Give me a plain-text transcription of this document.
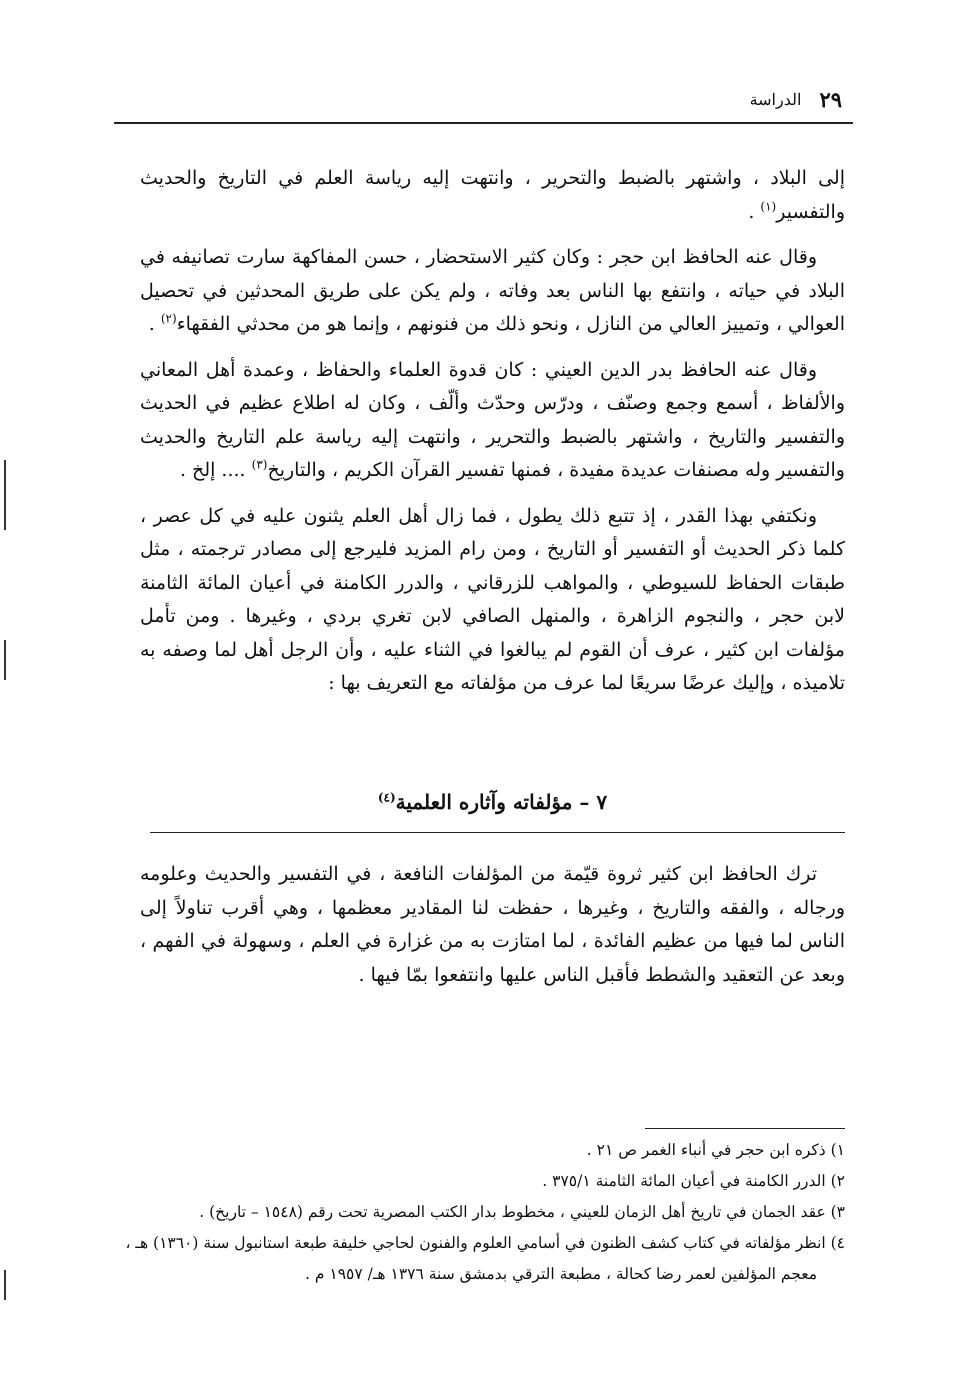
٢٩
الدراسة

إلى البلاد ، واشتهر بالضبط والتحرير ، وانتهت إليه رياسة العلم في التاريخ والحديث والتفسير$^{(١)}$ .

وقال عنه الحافظ ابن حجر : وكان كثير الاستحضار ، حسن المفاكهة سارت تصانيفه في البلاد في حياته ، وانتفع بها الناس بعد وفاته ، ولم يكن على طريق المحدثين في تحصيل العوالي ، وتمييز العالي من النازل ، ونحو ذلك من فنونهم ، وإنما هو من محدثي الفقهاء$^{(٢)}$ .

وقال عنه الحافظ بدر الدين العيني : كان قدوة العلماء والحفاظ ، وعمدة أهل المعاني والألفاظ ، أسمع وجمع وصنّف ، ودرّس وحدّث وألّف ، وكان له اطلاع عظيم في الحديث والتفسير والتاريخ ، واشتهر بالضبط والتحرير ، وانتهت إليه رياسة علم التاريخ والحديث والتفسير وله مصنفات عديدة مفيدة ، فمنها تفسير القرآن الكريم ، والتاريخ$^{(٣)}$ .... إلخ .

ونكتفي بهذا القدر ، إذ تتبع ذلك يطول ، فما زال أهل العلم يثنون عليه في كل عصر ، كلما ذكر الحديث أو التفسير أو التاريخ ، ومن رام المزيد فليرجع إلى مصادر ترجمته ، مثل طبقات الحفاظ للسيوطي ، والمواهب للزرقاني ، والدرر الكامنة في أعيان المائة الثامنة لابن حجر ، والنجوم الزاهرة ، والمنهل الصافي لابن تغري بردي ، وغيرها . ومن تأمل مؤلفات ابن كثير ، عرف أن القوم لم يبالغوا في الثناء عليه ، وأن الرجل أهل لما وصفه به تلاميذه ، وإليك عرضًا سريعًا لما عرف من مؤلفاته مع التعريف بها :

٧ – مؤلفاته وآثاره العلمية$^{(٤)}$

ترك الحافظ ابن كثير ثروة قيّمة من المؤلفات النافعة ، في التفسير والحديث وعلومه ورجاله ، والفقه والتاريخ ، وغيرها ، حفظت لنا المقادير معظمها ، وهي أقرب تناولاً إلى الناس لما فيها من عظيم الفائدة ، لما امتازت به من غزارة في العلم ، وسهولة في الفهم ، وبعد عن التعقيد والشطط فأقبل الناس عليها وانتفعوا بمّا فيها .

١) ذكره ابن حجر في أنباء الغمر ص ٢١ .

٢) الدرر الكامنة في أعيان المائة الثامنة ٣٧٥/١ .

٣) عقد الجمان في تاريخ أهل الزمان للعيني ، مخطوط بدار الكتب المصرية تحت رقم (١٥٤٨ – تاريخ) .

٤) انظر مؤلفاته في كتاب كشف الظنون في أسامي العلوم والفنون لحاجي خليفة طبعة استانبول سنة (١٣٦٠) هـ ،

معجم المؤلفين لعمر رضا كحالة ، مطبعة الترقي بدمشق سنة ١٣٧٦ هـ/ ١٩٥٧ م .
